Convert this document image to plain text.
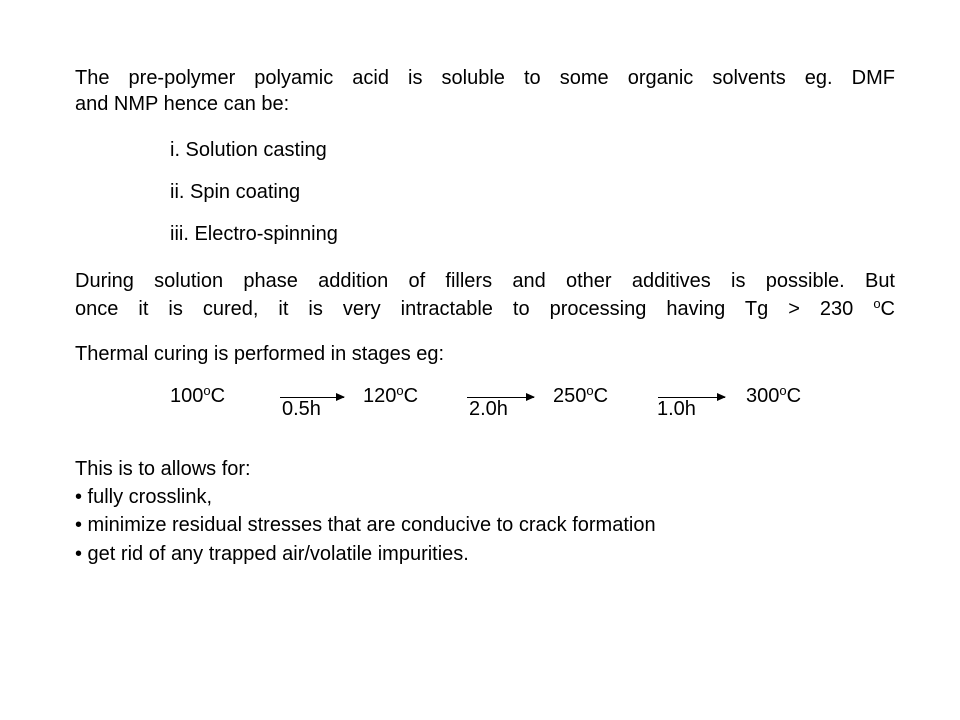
The pre-polymer polyamic acid is soluble to some organic solvents eg. DMF
and NMP hence can be:
i. Solution casting
ii. Spin coating
iii. Electro-spinning
During solution phase addition of fillers and other additives is possible. But
once it is cured, it is very intractable to processing having Tg > 230 $^o$C
Thermal curing is performed in stages eg:
100$^o$C	120$^o$C	250$^o$C	300$^o$C
0.5h	2.0h	1.0h
This is to allows for:
• fully crosslink,
• minimize residual stresses that are conducive to crack formation
• get rid of any trapped air/volatile impurities.
